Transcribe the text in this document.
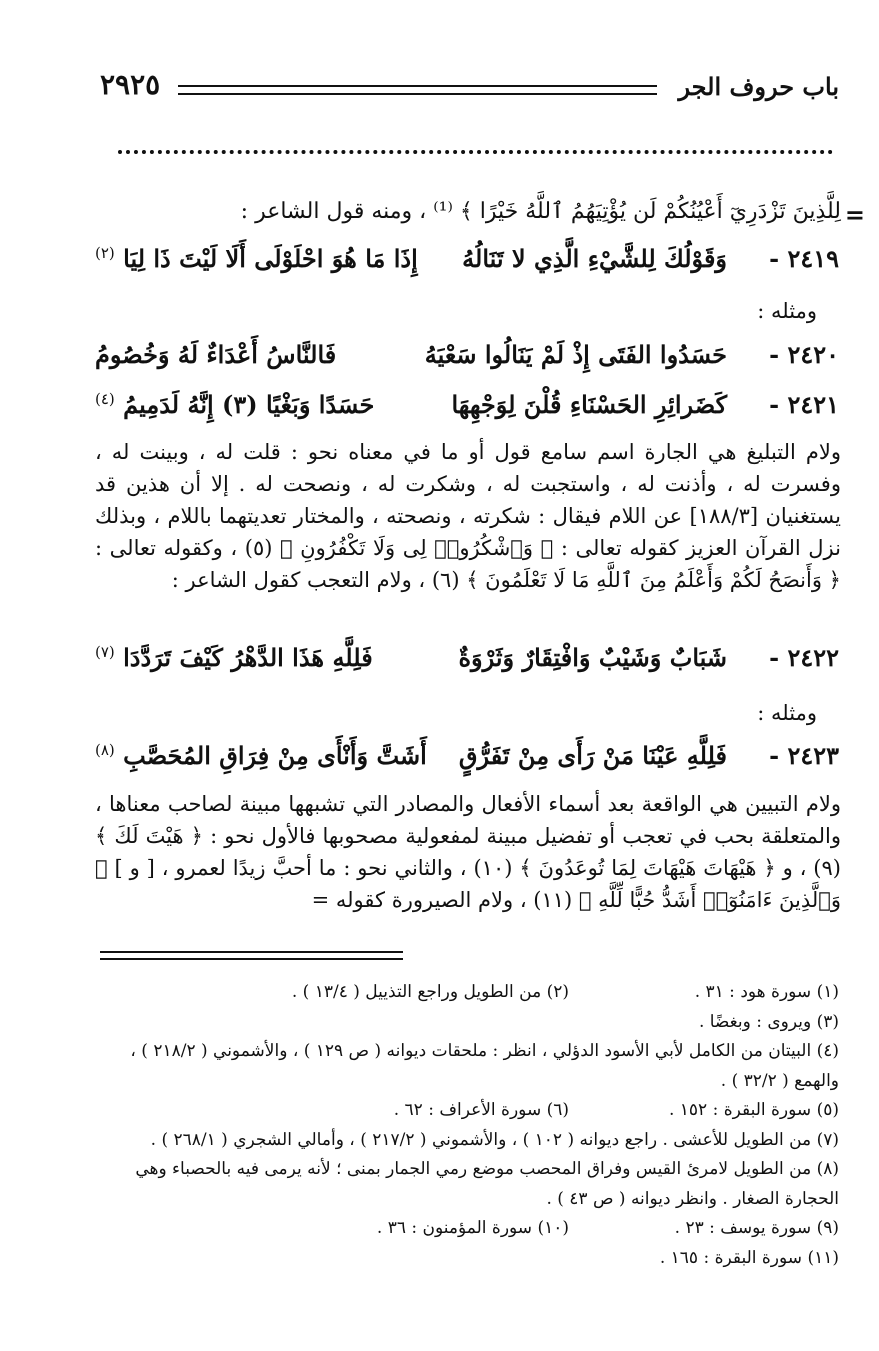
باب حروف الجر
٢٩٢٥
=
لِلَّذِينَ تَزْدَرِيٓ أَعْيُنُكُمْ لَن يُؤْتِيَهُمُ ٱللَّهُ خَيْرًا ﴾ ⁽¹⁾ ، ومنه قول الشاعر :
٢٤١٩ -
وَقَوْلُكَ لِلشَّيْءِ الَّذِي لا تَنَالُهُ
إِذَا مَا هُوَ احْلَوْلَى أَلَا لَيْتَ ذَا لِيَا $^{(٢)}$
ومثله :
٢٤٢٠ -
حَسَدُوا الفَتَى إِذْ لَمْ يَنَالُوا سَعْيَهُ
فَالنَّاسُ أَعْدَاءٌ لَهُ وَخُصُومُ
٢٤٢١ -
كَضَرائِرِ الحَسْنَاءِ قُلْنَ لِوَجْهِهَا
حَسَدًا وَبَغْيًا (٣) إِنَّهُ لَدَمِيمُ $^{(٤)}$
ولام التبليغ هي الجارة اسم سامع قول أو ما في معناه نحو : قلت له ، وبينت له ، وفسرت له ، وأذنت له ، واستجبت له ، وشكرت له ، ونصحت له . إلا أن هذين قد يستغنيان [١٨٨/٣] عن اللام فيقال : شكرته ، ونصحته ، والمختار تعديتهما باللام ، وبذلك نزل القرآن العزيز كقوله تعالى : ﴿ وَٱشْكُرُوا۟ لِى وَلَا تَكْفُرُونِ ﴾ (٥) ، وكقوله تعالى : ﴿ وَأَنصَحُ لَكُمْ وَأَعْلَمُ مِنَ ٱللَّهِ مَا لَا تَعْلَمُونَ ﴾ (٦) ، ولام التعجب كقول الشاعر :
٢٤٢٢ -
شَبَابٌ وَشَيْبٌ وَافْتِقَارٌ وَثَرْوَةٌ
فَلِلَّهِ هَذَا الدَّهْرُ كَيْفَ تَرَدَّدَا $^{(٧)}$
ومثله :
٢٤٢٣ -
فَلِلَّهِ عَيْنَا مَنْ رَأَى مِنْ تَفَرُّقٍ
أَشَتَّ وَأَنْأَى مِنْ فِرَاقِ المُحَصَّبِ $^{(٨)}$
ولام التبيين هي الواقعة بعد أسماء الأفعال والمصادر التي تشبهها مبينة لصاحب معناها ، والمتعلقة بحب في تعجب أو تفضيل مبينة لمفعولية مصحوبها فالأول نحو : ﴿ هَيْتَ لَكَ ﴾ (٩) ، و ﴿ هَيْهَاتَ هَيْهَاتَ لِمَا تُوعَدُونَ ﴾ (١٠) ، والثاني نحو : ما أحبَّ زيدًا لعمرو ، [ و ] ﴿ وَٱلَّذِينَ ءَامَنُوٓا۟ أَشَدُّ حُبًّا لِّلَّهِ ﴾ (١١) ، ولام الصيرورة كقوله =
(١) سورة هود : ٣١ .
(٢) من الطويل وراجع التذييل ( ١٣/٤ ) .
(٣) ويروى : وبغضًا .
(٤) البيتان من الكامل لأبي الأسود الدؤلي ، انظر : ملحقات ديوانه ( ص ١٢٩ ) ، والأشموني ( ٢١٨/٢ ) ، والهمع ( ٣٢/٢ ) .
(٥) سورة البقرة : ١٥٢ .
(٦) سورة الأعراف : ٦٢ .
(٧) من الطويل للأعشى . راجع ديوانه ( ١٠٢ ) ، والأشموني ( ٢١٧/٢ ) ، وأمالي الشجري ( ٢٦٨/١ ) .
(٨) من الطويل لامرئ القيس وفراق المحصب موضع رمي الجمار بمنى ؛ لأنه يرمى فيه بالحصباء وهي الحجارة الصغار . وانظر ديوانه ( ص ٤٣ ) .
(٩) سورة يوسف : ٢٣ .
(١٠) سورة المؤمنون : ٣٦ .
(١١) سورة البقرة : ١٦٥ .
